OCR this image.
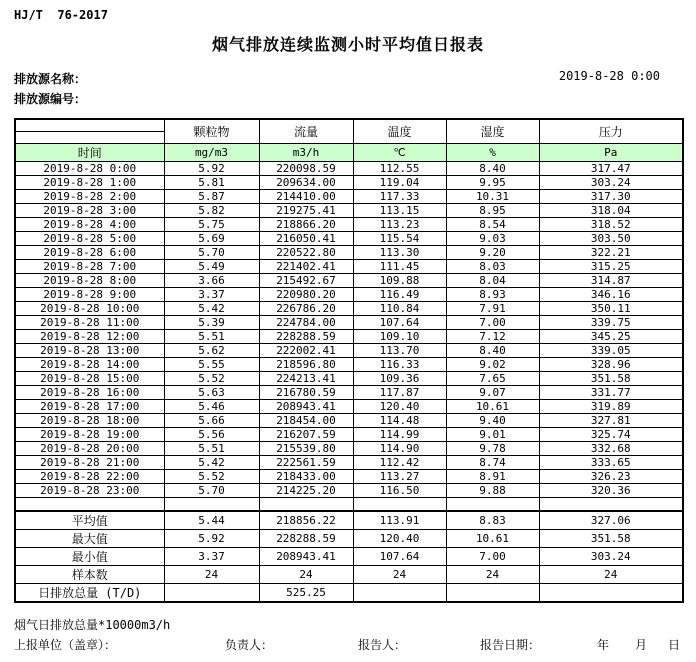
HJ/T  76-2017
烟气排放连续监测小时平均值日报表
排放源名称：
排放源编号：
2019-8-28 0:00
	颗粒物	流量	温度	湿度	压力

时间	mg/m3	m3/h	℃	%	Pa
2019-8-28 0:00	5.92	220098.59	112.55	8.40	317.47
2019-8-28 1:00	5.81	209634.00	119.04	9.95	303.24
2019-8-28 2:00	5.87	214410.00	117.33	10.31	317.30
2019-8-28 3:00	5.82	219275.41	113.15	8.95	318.04
2019-8-28 4:00	5.75	218866.20	113.23	8.54	318.52
2019-8-28 5:00	5.69	216050.41	115.54	9.03	303.50
2019-8-28 6:00	5.70	220522.80	113.30	9.20	322.21
2019-8-28 7:00	5.49	221402.41	111.45	8.03	315.25
2019-8-28 8:00	3.66	215492.67	109.88	8.04	314.87
2019-8-28 9:00	3.37	220980.20	116.49	8.93	346.16
2019-8-28 10:00	5.42	226786.20	110.84	7.91	350.11
2019-8-28 11:00	5.39	224784.00	107.64	7.00	339.75
2019-8-28 12:00	5.51	228288.59	109.10	7.12	345.25
2019-8-28 13:00	5.62	222002.41	113.70	8.40	339.05
2019-8-28 14:00	5.55	218596.80	116.33	9.02	328.96
2019-8-28 15:00	5.52	224213.41	109.36	7.65	351.58
2019-8-28 16:00	5.63	216780.59	117.87	9.07	331.77
2019-8-28 17:00	5.46	208943.41	120.40	10.61	319.89
2019-8-28 18:00	5.66	218454.00	114.48	9.40	327.81
2019-8-28 19:00	5.56	216207.59	114.99	9.01	325.74
2019-8-28 20:00	5.51	215539.80	114.90	9.78	332.68
2019-8-28 21:00	5.42	222561.59	112.42	8.74	333.65
2019-8-28 22:00	5.52	218433.00	113.27	8.91	326.23
2019-8-28 23:00	5.70	214225.20	116.50	9.88	320.36

平均值	5.44	218856.22	113.91	8.83	327.06
最大值	5.92	228288.59	120.40	10.61	351.58
最小值	3.37	208943.41	107.64	7.00	303.24
样本数	24	24	24	24	24
日排放总量 (T/D)		525.25			
烟气日排放总量*10000m3/h
上报单位（盖章）：	负责人：	报告人：	报告日期：	年 月 日
